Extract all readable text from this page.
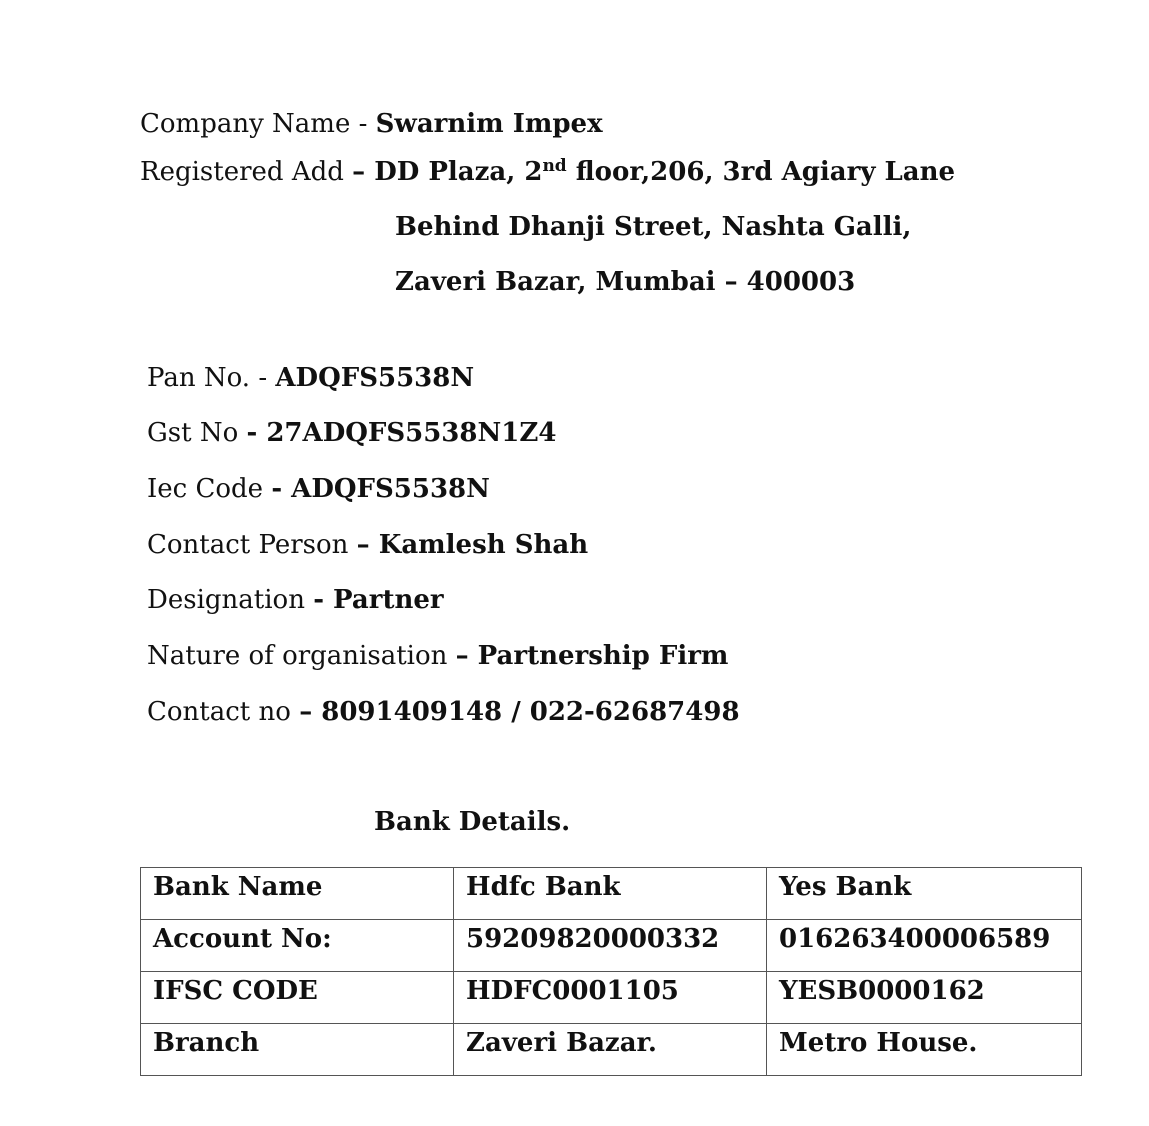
Company Name - Swarnim Impex
Registered Add – DD Plaza, 2nd floor,206, 3rd Agiary Lane
Behind Dhanji Street, Nashta Galli,
Zaveri Bazar, Mumbai – 400003
Pan No. - ADQFS5538N
Gst No - 27ADQFS5538N1Z4
Iec Code - ADQFS5538N
Contact Person – Kamlesh Shah
Designation - Partner
Nature of organisation – Partnership Firm
Contact no – 8091409148 / 022-62687498
Bank Details.
Bank Name	Hdfc Bank	Yes Bank
Account No:	59209820000332	016263400006589
IFSC CODE	HDFC0001105	YESB0000162
Branch	Zaveri Bazar.	Metro House.
